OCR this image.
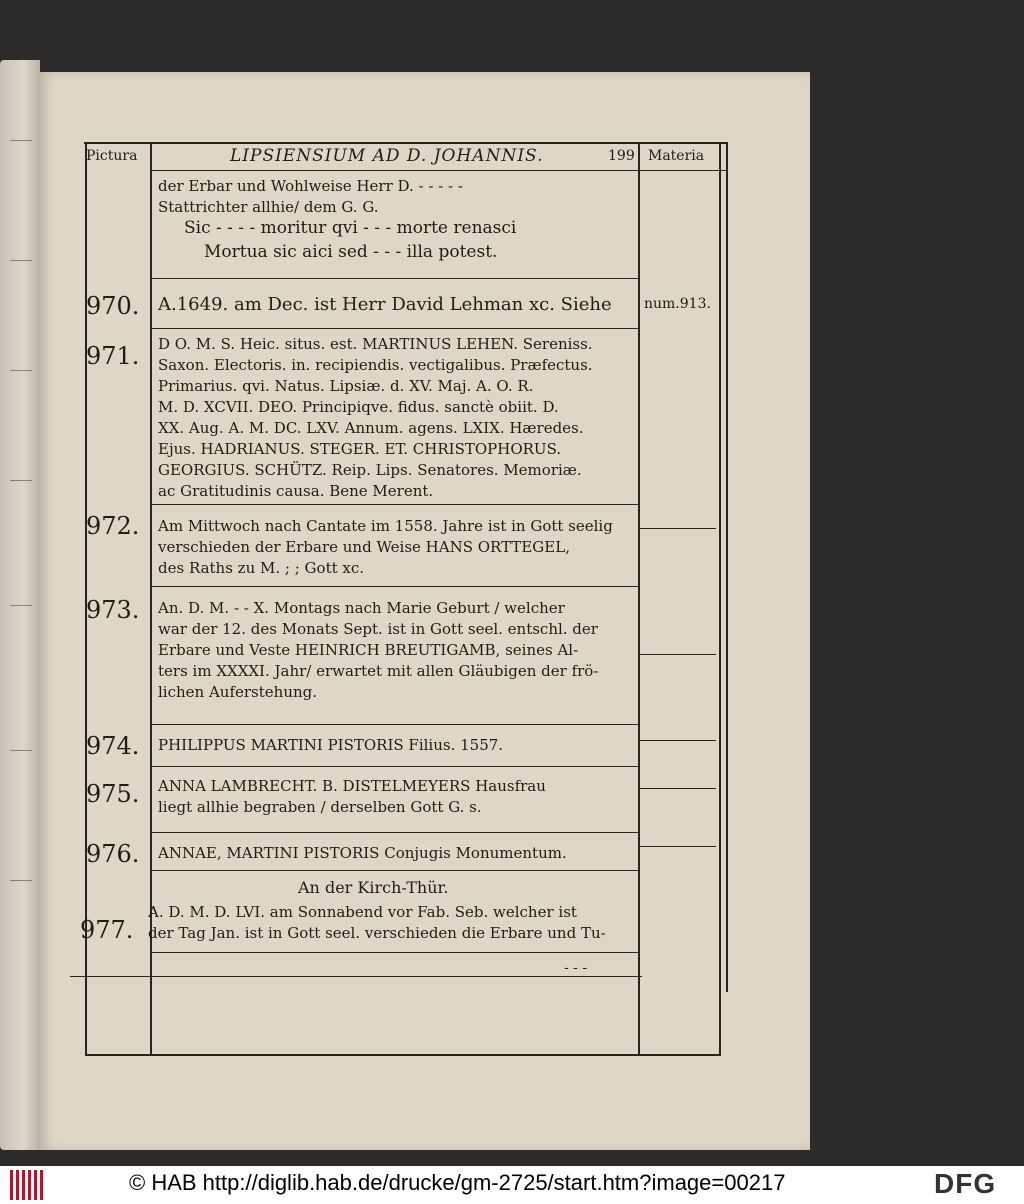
Pictura	LIPSIENSIUM AD D. JOHANNIS.	199 Materia
der Erbar und Wohlweise Herr D. - - - - -
Stattrichter allhie/ dem G. G.
Sic - - - - moritur qvi - - - morte renasci
Mortua sic aici sed - - - illa potest.
970. A.1649. am Dec. ist Herr David Lehman xc. Siehe num.913.
971. D O. M. S. Heic. situs. est. MARTINUS LEHEN. Sereniss.
Saxon. Electoris. in. recipiendis. vectigalibus. Præfectus.
Primarius. qvi. Natus. Lipsiæ. d. XV. Maj. A. O. R.
M. D. XCVII. DEO. Principiqve. fidus. sanctè obiit. D.
XX. Aug. A. M. DC. LXV. Annum. agens. LXIX. Hæredes.
Ejus. HADRIANUS. STEGER. ET. CHRISTOPHORUS.
GEORGIUS. SCHÜTZ. Reip. Lips. Senatores. Memoriæ.
ac Gratitudinis causa. Bene Merent.
972. Am Mittwoch nach Cantate im 1558. Jahre ist in Gott seelig
verschieden der Erbare und Weise HANS ORTTEGEL,
des Raths zu M. ; ; Gott xc.
973. An. D. M. - - X. Montags nach Marie Geburt / welcher
war der 12. des Monats Sept. ist in Gott seel. entschl. der
Erbare und Veste HEINRICH BREUTIGAMB, seines Al-
ters im XXXXI. Jahr/ erwartet mit allen Gläubigen der frö-
lichen Auferstehung.
974. PHILIPPUS MARTINI PISTORIS Filius. 1557.
975. ANNA LAMBRECHT. B. DISTELMEYERS Hausfrau
liegt allhie begraben / derselben Gott G. s.
976. ANNAE, MARTINI PISTORIS Conjugis Monumentum.
An der Kirch-Thür.
977.
A. D. M. D. LVI. am Sonnabend vor Fab. Seb. welcher ist
der Tag Jan. ist in Gott seel. verschieden die Erbare und Tu-
- - -
© HAB http://diglib.hab.de/drucke/gm-2725/start.htm?image=00217	DFG
